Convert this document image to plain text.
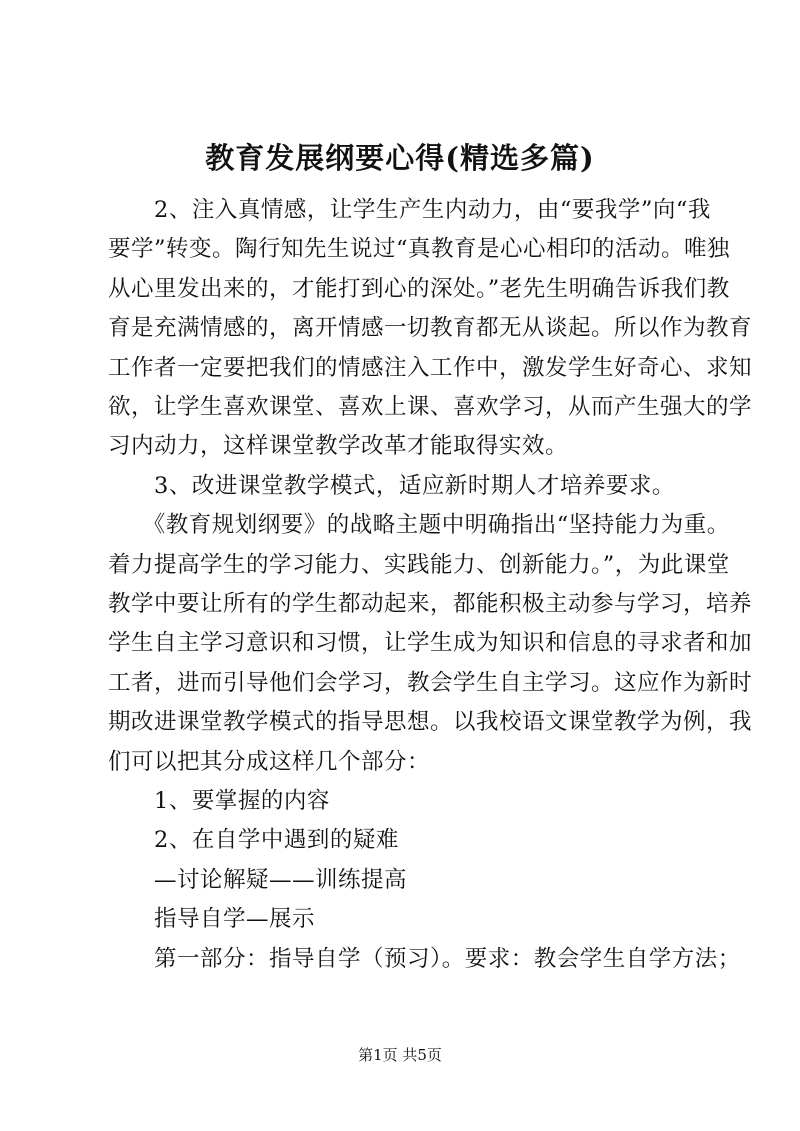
教育发展纲要心得(精选多篇)
　　2、注入真情感，让学生产生内动力，由“要我学”向“我
要学”转变。陶行知先生说过“真教育是心心相印的活动。唯独
从心里发出来的，才能打到心的深处。”老先生明确告诉我们教
育是充满情感的，离开情感一切教育都无从谈起。所以作为教育
工作者一定要把我们的情感注入工作中，激发学生好奇心、求知
欲，让学生喜欢课堂、喜欢上课、喜欢学习，从而产生强大的学
习内动力，这样课堂教学改革才能取得实效。
　　3、改进课堂教学模式，适应新时期人才培养要求。
　　《教育规划纲要》的战略主题中明确指出“坚持能力为重。
着力提高学生的学习能力、实践能力、创新能力。”，为此课堂
教学中要让所有的学生都动起来，都能积极主动参与学习，培养
学生自主学习意识和习惯，让学生成为知识和信息的寻求者和加
工者，进而引导他们会学习，教会学生自主学习。这应作为新时
期改进课堂教学模式的指导思想。以我校语文课堂教学为例，我
们可以把其分成这样几个部分：
　　1、要掌握的内容
　　2、在自学中遇到的疑难
　　—讨论解疑——训练提高
　　指导自学—展示
　　第一部分：指导自学（预习）。要求：教会学生自学方法；
第1页 共5页
